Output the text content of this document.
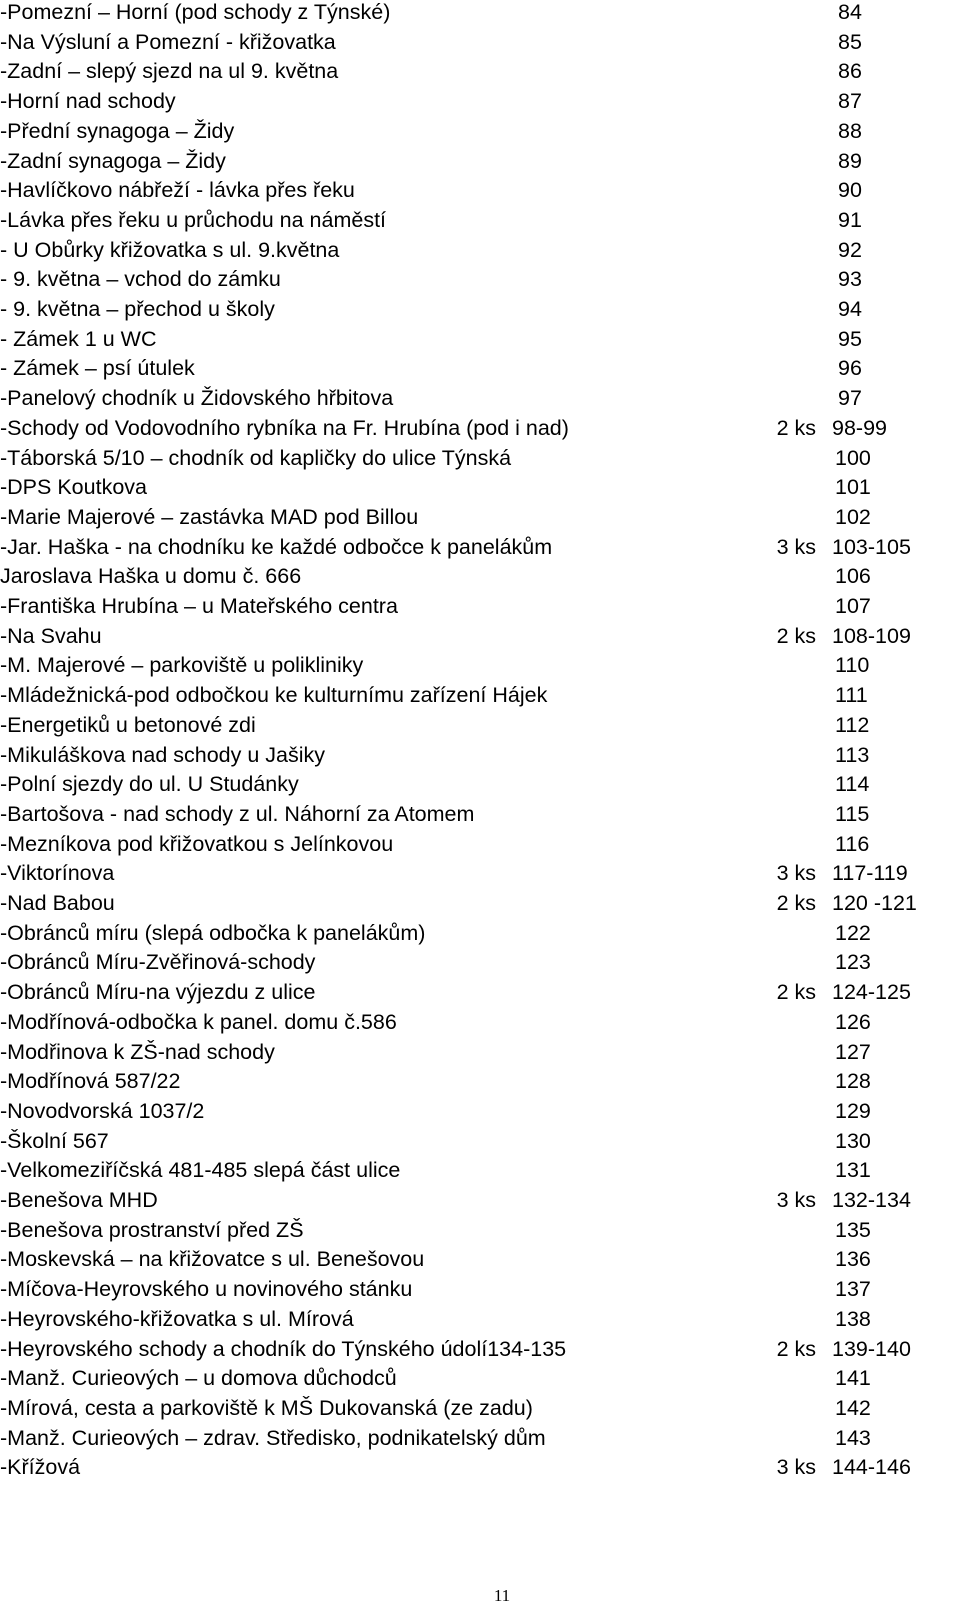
-Pomezní – Horní (pod schody z Týnské)	84
-Na Výsluní a Pomezní - křižovatka	85
-Zadní – slepý sjezd na ul 9. května	86
-Horní nad schody	87
-Přední synagoga – Židy	88
-Zadní synagoga – Židy	89
-Havlíčkovo nábřeží - lávka přes řeku	90
-Lávka přes řeku u průchodu na náměstí	91
- U Obůrky křižovatka s ul. 9.května	92
- 9. května – vchod do zámku	93
- 9. května – přechod u školy	94
- Zámek 1 u WC	95
- Zámek – psí útulek	96
-Panelový chodník u Židovského hřbitova	97
-Schody od Vodovodního rybníka na Fr. Hrubína (pod i nad)	2 ks 98-99
-Táborská 5/10 – chodník od kapličky do ulice Týnská	100
-DPS Koutkova	101
-Marie Majerové – zastávka MAD pod Billou	102
-Jar. Haška - na chodníku ke každé odbočce k panelákům	3 ks 103-105
Jaroslava Haška u domu č. 666	106
-Františka Hrubína – u Mateřského centra	107
-Na Svahu	2 ks 108-109
-M. Majerové – parkoviště u polikliniky	110
-Mládežnická-pod odbočkou ke kulturnímu zařízení Hájek	111
-Energetiků u betonové zdi	112
-Mikuláškova nad schody u Jašiky	113
-Polní sjezdy do ul. U Studánky	114
-Bartošova - nad schody z ul. Náhorní za Atomem	115
-Mezníkova pod křižovatkou s Jelínkovou	116
-Viktorínova	3 ks 117-119
-Nad Babou	2 ks 120 -121
-Obránců míru (slepá odbočka k panelákům)	122
-Obránců Míru-Zvěřinová-schody	123
-Obránců Míru-na výjezdu z ulice	2 ks 124-125
-Modřínová-odbočka k panel. domu č.586	126
-Modřinova k ZŠ-nad schody	127
-Modřínová 587/22	128
-Novodvorská 1037/2	129
-Školní 567	130
-Velkomeziříčská 481-485 slepá část ulice	131
-Benešova MHD	3 ks 132-134
-Benešova prostranství před ZŠ	135
-Moskevská – na křižovatce s ul. Benešovou	136
-Míčova-Heyrovského u novinového stánku	137
-Heyrovského-křižovatka s ul. Mírová	138
-Heyrovského schody a chodník do Týnského údolí134-135	2 ks 139-140
-Manž. Curieových – u domova důchodců	141
-Mírová, cesta a parkoviště k MŠ Dukovanská (ze zadu)	142
-Manž. Curieových – zdrav. Středisko, podnikatelský dům	143
-Křížová	3 ks 144-146
11
